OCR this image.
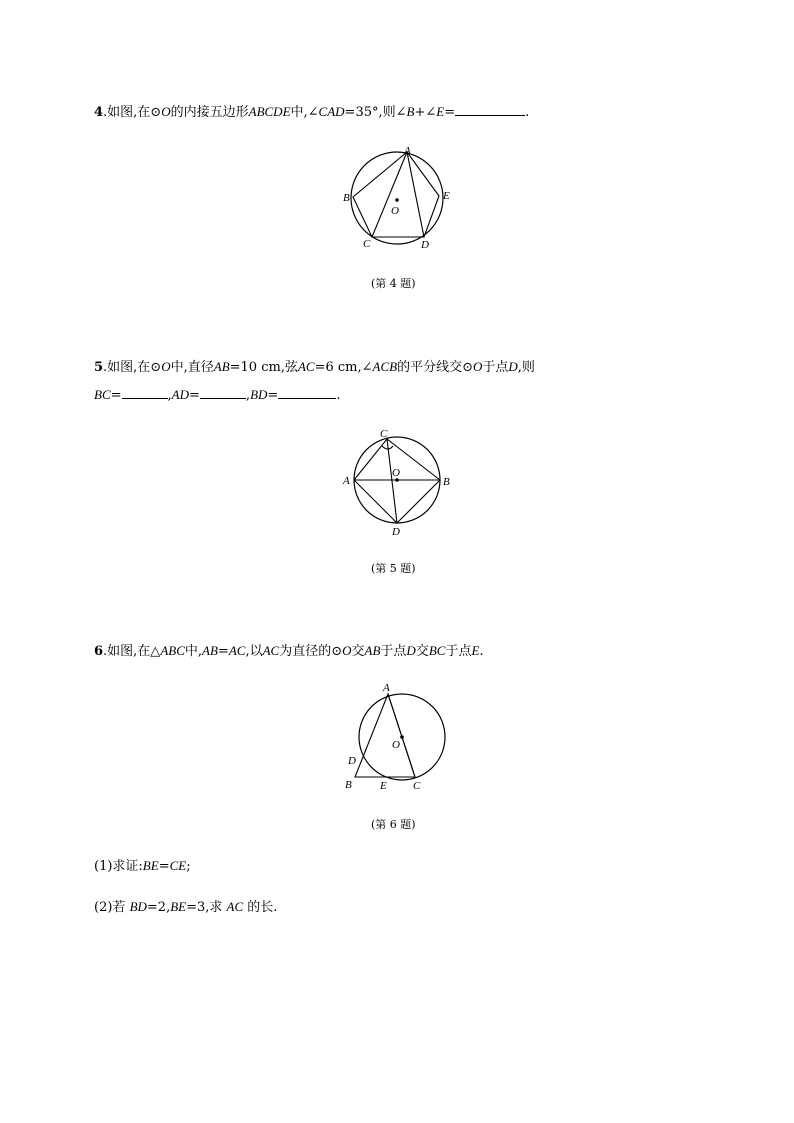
4.如图,在⊙O的内接五边形ABCDE中,∠CAD=35°,则∠B+∠E=	.
A
B
C	D
E
O
(第 4 题)
5.如图,在⊙O中,直径AB=10 cm,弦AC=6 cm,∠ACB的平分线交⊙O于点D,则
BC=	,AD=	,BD=	.
C
A	B
D
O
(第 5 题)
6.如图,在△ABC中,AB=AC,以AC为直径的⊙O交AB于点D交BC于点E.
A
D
B	E C
O
(第 6 题)
(1)求证:BE=CE;
(2)若 BD=2,BE=3,求 AC 的长.
